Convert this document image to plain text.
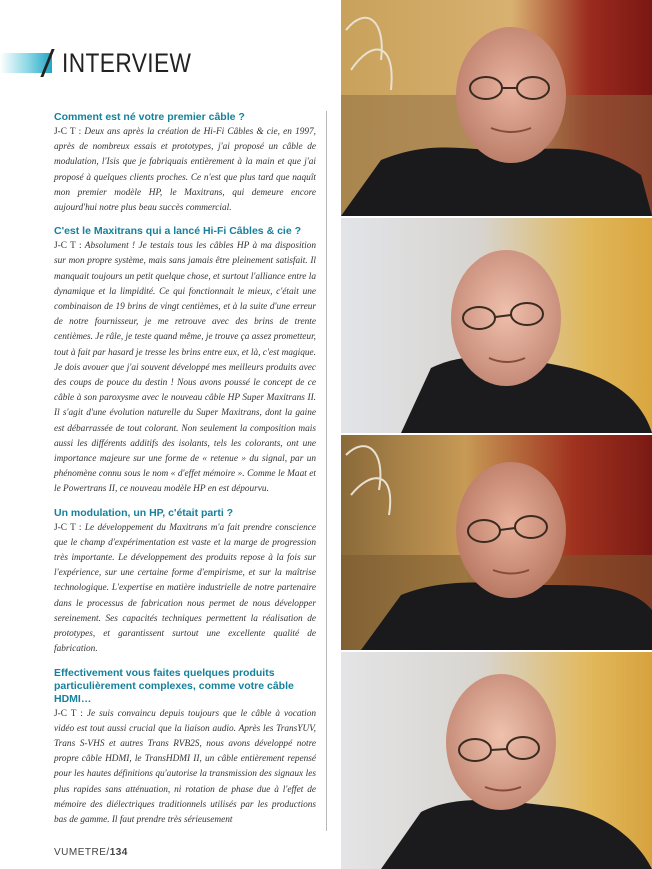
INTERVIEW
Comment est né votre premier câble ?

J-C T : Deux ans après la création de Hi-Fi Câbles & cie, en 1997, après de nombreux essais et prototypes, j'ai proposé un câble de modulation, l'Isis que je fabriquais entièrement à la main et que j'ai proposé à quelques clients proches. Ce n'est que plus tard que naquît mon premier modèle HP, le Maxitrans, qui demeure encore aujourd'hui notre plus beau succès commercial.

C'est le Maxitrans qui a lancé Hi-Fi Câbles & cie ?

J-C T : Absolument ! Je testais tous les câbles HP à ma disposition sur mon propre système, mais sans jamais être pleinement satisfait. Il manquait toujours un petit quelque chose, et surtout l'alliance entre la dynamique et la limpidité. Ce qui fonctionnait le mieux, c'était une combinaison de 19 brins de vingt centièmes, et à la suite d'une erreur de notre fournisseur, je me retrouve avec des brins de trente centièmes. Je râle, je teste quand même, je trouve ça assez prometteur, tout à fait par hasard je tresse les brins entre eux, et là, c'est magique. Je dois avouer que j'ai souvent développé mes meilleurs produits avec des coups de pouce du destin ! Nous avons poussé le concept de ce câble à son paroxysme avec le nouveau câble HP Super Maxitrans II. Il s'agit d'une évolution naturelle du Super Maxitrans, dont la gaine est débarrassée de tout colorant. Non seulement la composition mais aussi les différents additifs des isolants, tels les colorants, ont une importance majeure sur une forme de « retenue » du signal, par un phénomène connu sous le nom « d'effet mémoire ». Comme le Maat et le Powertrans II, ce nouveau modèle HP en est dépourvu.

Un modulation, un HP, c'était parti ?

J-C T : Le développement du Maxitrans m'a fait prendre conscience que le champ d'expérimentation est vaste et la marge de progression très importante. Le développement des produits repose à la fois sur l'expérience, sur une certaine forme d'empirisme, et sur la maîtrise technologique. L'expertise en matière industrielle de notre partenaire dans le processus de fabrication nous permet de nous développer sereinement. Ses capacités techniques permettent la réalisation de prototypes, et garantissent surtout une excellente qualité de fabrication.

Effectivement vous faites quelques produits particulièrement complexes, comme votre câble HDMI…

J-C T : Je suis convaincu depuis toujours que le câble à vocation vidéo est tout aussi crucial que la liaison audio. Après les TransYUV, Trans S-VHS et autres Trans RVB2S, nous avons développé notre propre câble HDMI, le TransHDMI II, un câble entièrement repensé pour les hautes définitions qu'autorise la transmission des signaux les plus rapides sans atténuation, ni rotation de phase due à l'effet de mémoire des diélectriques traditionnels utilisés par les productions bas de gamme. Il faut prendre très sérieusement

VUMETRE/134
